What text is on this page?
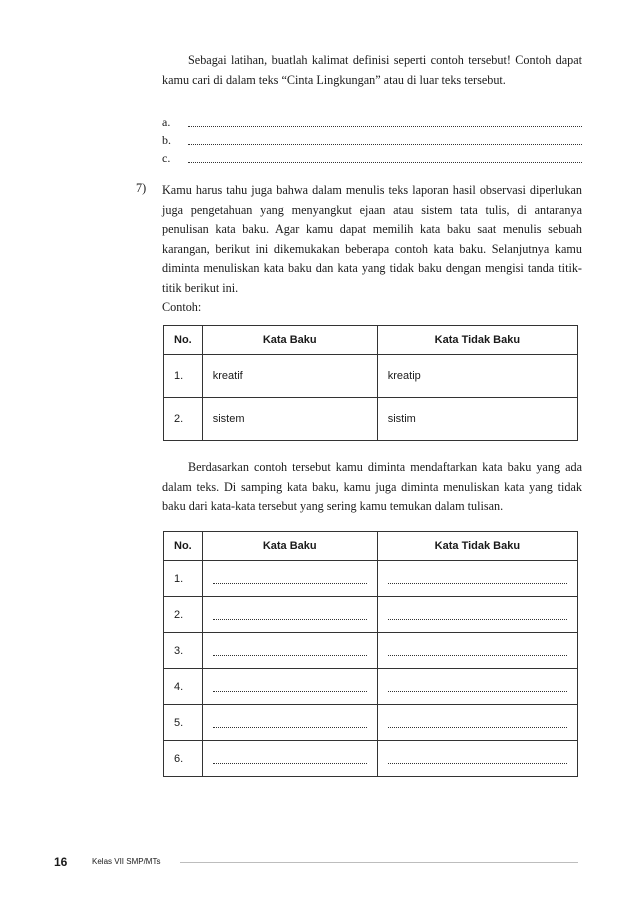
Sebagai latihan, buatlah kalimat definisi seperti contoh tersebut! Contoh dapat kamu cari di dalam teks “Cinta Lingkungan” atau di luar teks tersebut.

a.
b.
c.
7) Kamu harus tahu juga bahwa dalam menulis teks laporan hasil observasi diperlukan juga pengetahuan yang menyangkut ejaan atau sistem tata tulis, di antaranya penulisan kata baku. Agar kamu dapat memilih kata baku saat menulis sebuah karangan, berikut ini dikemukakan beberapa contoh kata baku. Selanjutnya kamu diminta menuliskan kata baku dan kata yang tidak baku dengan mengisi tanda titik-titik berikut ini.

Contoh:

No.	Kata Baku	Kata Tidak Baku
1.	kreatif	kreatip
2.	sistem	sistim

Berdasarkan contoh tersebut kamu diminta mendaftarkan kata baku yang ada dalam teks. Di samping kata baku, kamu juga diminta menuliskan kata yang tidak baku dari kata-kata tersebut yang sering kamu temukan dalam tulisan.

No.	Kata Baku	Kata Tidak Baku
1.	

2.	

3.	

4.	

5.	

6.	

16	Kelas VII SMP/MTs
